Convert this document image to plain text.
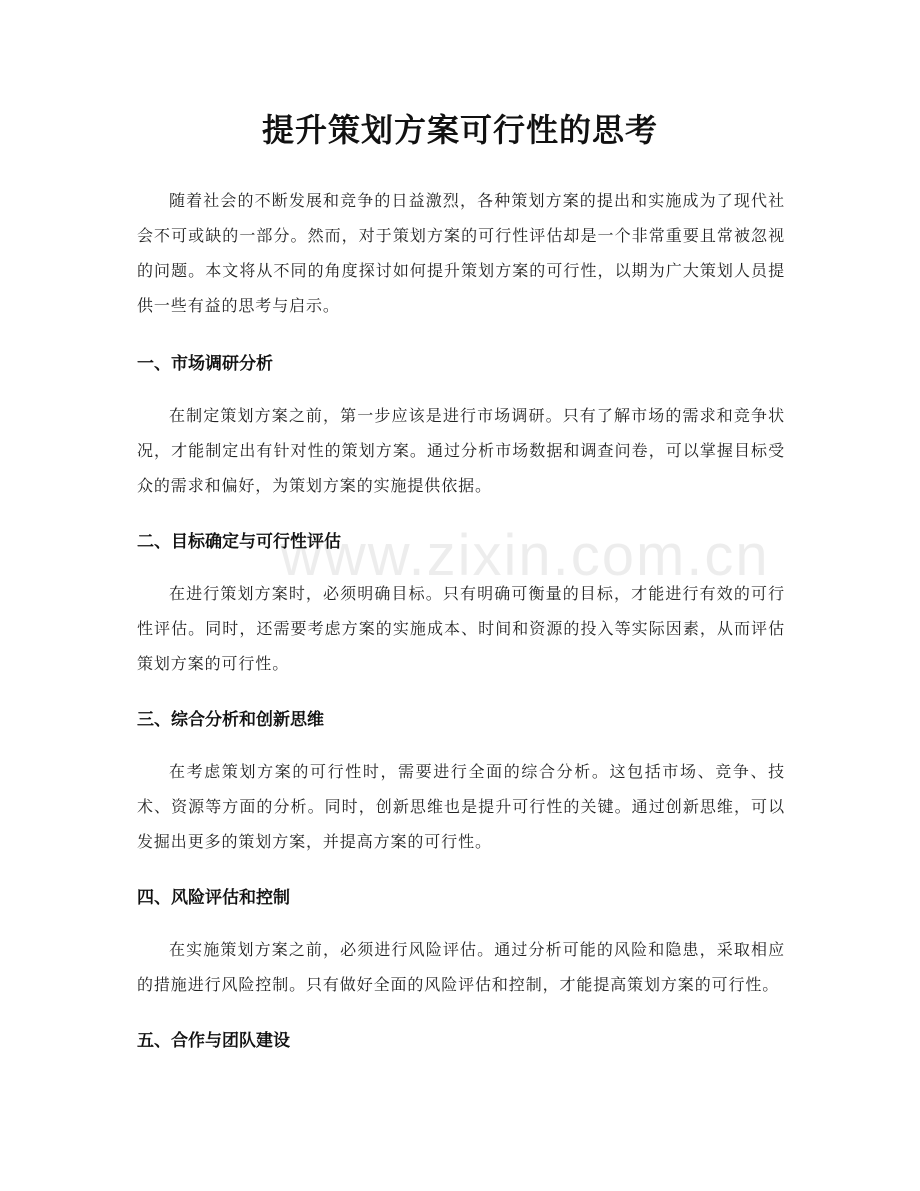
提升策划方案可行性的思考
www.zixin.com.cn

随着社会的不断发展和竞争的日益激烈，各种策划方案的提出和实施成为了现代社会不可或缺的一部分。然而，对于策划方案的可行性评估却是一个非常重要且常被忽视的问题。本文将从不同的角度探讨如何提升策划方案的可行性，以期为广大策划人员提供一些有益的思考与启示。

一、市场调研分析

在制定策划方案之前，第一步应该是进行市场调研。只有了解市场的需求和竞争状况，才能制定出有针对性的策划方案。通过分析市场数据和调查问卷，可以掌握目标受众的需求和偏好，为策划方案的实施提供依据。

二、目标确定与可行性评估

在进行策划方案时，必须明确目标。只有明确可衡量的目标，才能进行有效的可行性评估。同时，还需要考虑方案的实施成本、时间和资源的投入等实际因素，从而评估策划方案的可行性。

三、综合分析和创新思维

在考虑策划方案的可行性时，需要进行全面的综合分析。这包括市场、竞争、技术、资源等方面的分析。同时，创新思维也是提升可行性的关键。通过创新思维，可以发掘出更多的策划方案，并提高方案的可行性。

四、风险评估和控制

在实施策划方案之前，必须进行风险评估。通过分析可能的风险和隐患，采取相应的措施进行风险控制。只有做好全面的风险评估和控制，才能提高策划方案的可行性。

五、合作与团队建设
